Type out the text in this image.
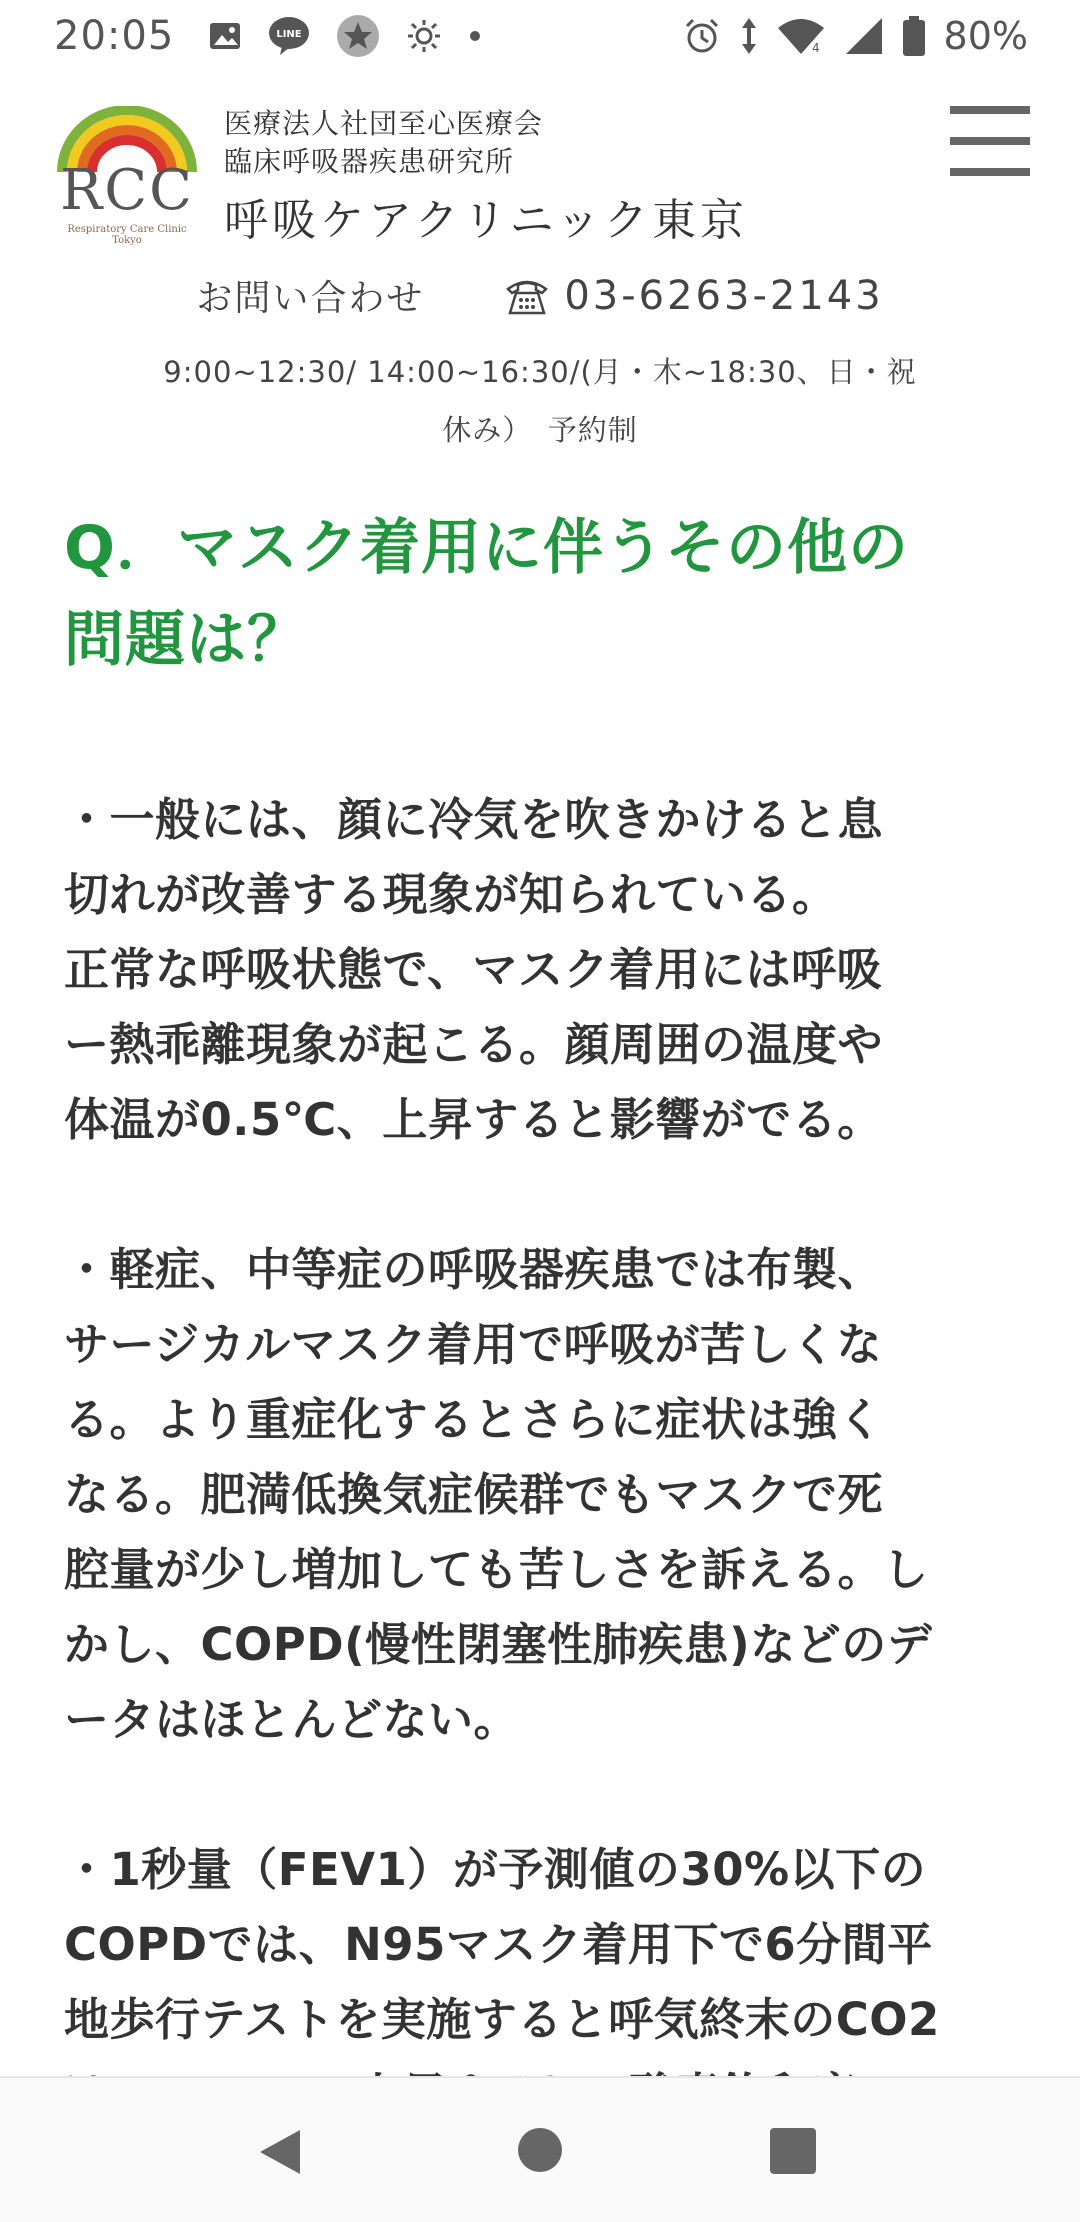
20:05	LINE
4	80%
RCC
Respiratory Care Clinic Tokyo
医療法人社団至心医療会
臨床呼吸器疾患研究所
呼吸ケアクリニック東京
お問い合わせ	03-6263-2143
9:00~12:30/ 14:00~16:30/(月・木~18:30、日・祝
休み）　予約制
Q．マスク着用に伴うその他の
問題は？

・一般には、顔に冷気を吹きかけると息
切れが改善する現象が知られている。
正常な呼吸状態で、マスク着用には呼吸
ー熱乖離現象が起こる。顔周囲の温度や
体温が0.5℃、上昇すると影響がでる。

・軽症、中等症の呼吸器疾患では布製、
サージカルマスク着用で呼吸が苦しくな
る。より重症化するとさらに症状は強く
なる。肥満低換気症候群でもマスクで死
腔量が少し増加しても苦しさを訴える。し
かし、COPD(慢性閉塞性肺疾患)などのデ
ータはほとんどない。

・1秒量（FEV1）が予測値の30%以下の
COPDでは、N95マスク着用下で6分間平
地歩行テストを実施すると呼気終末のCO2
